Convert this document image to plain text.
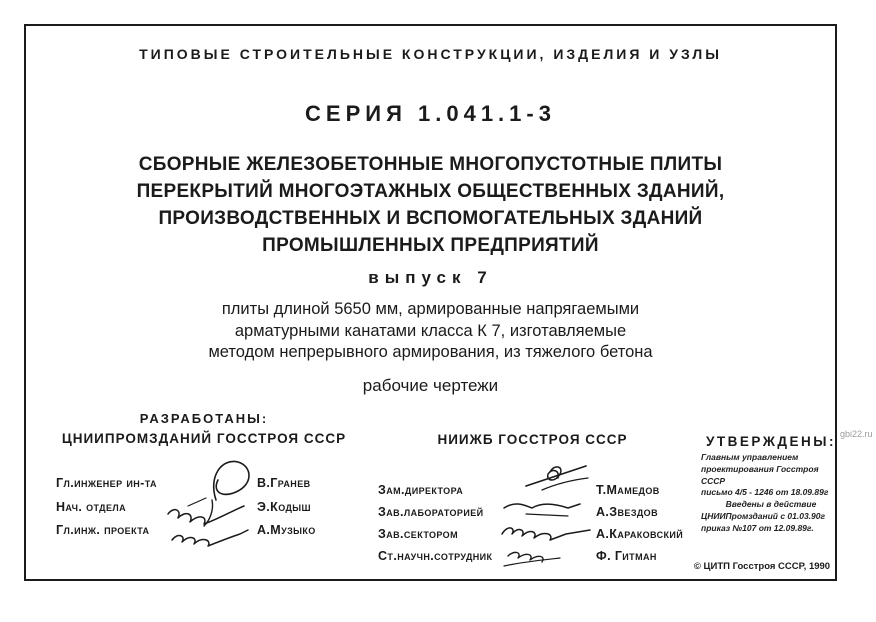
ТИПОВЫЕ СТРОИТЕЛЬНЫЕ КОНСТРУКЦИИ, ИЗДЕЛИЯ И УЗЛЫ
СЕРИЯ 1.041.1-3
СБОРНЫЕ ЖЕЛЕЗОБЕТОННЫЕ МНОГОПУСТОТНЫЕ ПЛИТЫ
ПЕРЕКРЫТИЙ МНОГОЭТАЖНЫХ ОБЩЕСТВЕННЫХ ЗДАНИЙ,
ПРОИЗВОДСТВЕННЫХ И ВСПОМОГАТЕЛЬНЫХ ЗДАНИЙ
ПРОМЫШЛЕННЫХ ПРЕДПРИЯТИЙ
выпуск 7
плиты длиной 5650 мм, армированные напрягаемыми
арматурными канатами класса К 7, изготавляемые
методом непрерывного армирования, из тяжелого бетона
рабочие чертежи
РАЗРАБОТАНЫ:
ЦНИИПРОМЗДАНИЙ ГОССТРОЯ СССР
Гл.инженер ин-та
Нач. отдела
Гл.инж. проекта
В.Гранев
Э.Кодыш
А.Музыко
НИИЖБ ГОССТРОЯ СССР
Зам.директора
Зав.лабораторией
Зав.сектором
Ст.научн.сотрудник
Т.Мамедов
А.Звездов
А.Караковский
Ф. Гитман
УТВЕРЖДЕНЫ:
Главным управлением
проектирования Госстроя СССР
письмо 4/5 - 1246 от 18.09.89г
Введены в действие
ЦНИИПромзданий с 01.03.90г
приказ №107 от 12.09.89г.
© ЦИТП Госстроя СССР, 1990
gbi22.ru
